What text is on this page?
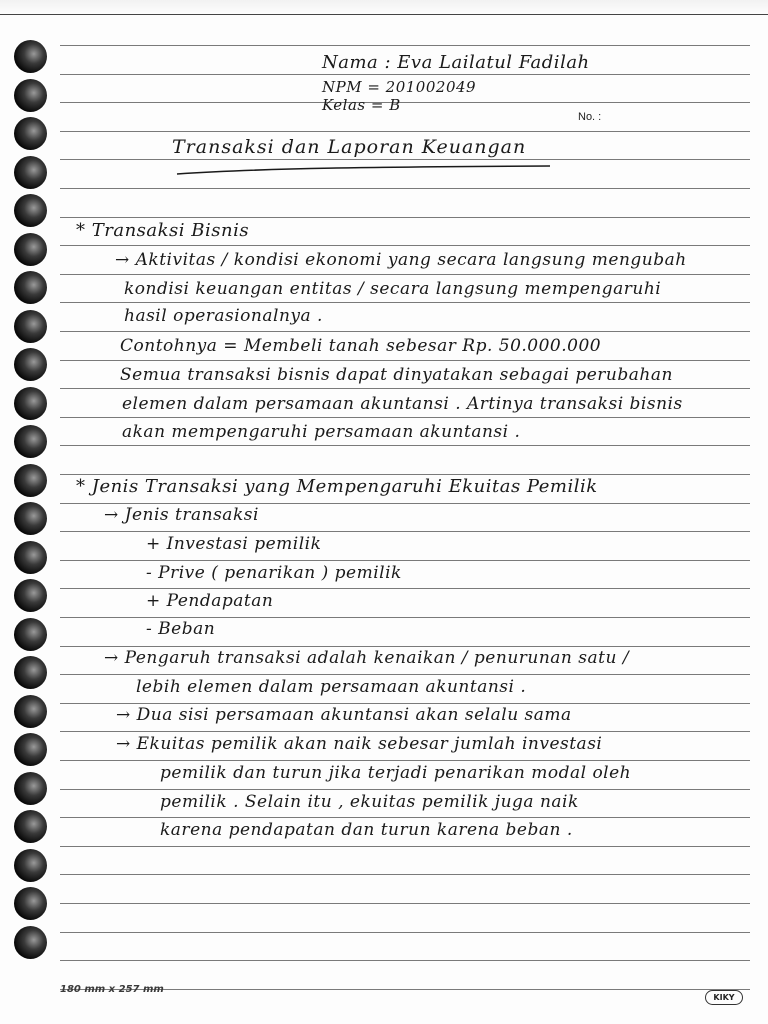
Nama : Eva Lailatul Fadilah
NPM = 201002049
Kelas = B
No. :
Transaksi dan Laporan Keuangan
* Transaksi Bisnis
→ Aktivitas / kondisi ekonomi yang secara langsung mengubah
kondisi keuangan entitas / secara langsung mempengaruhi
hasil operasionalnya .
Contohnya = Membeli tanah sebesar Rp. 50.000.000
Semua transaksi bisnis dapat dinyatakan sebagai perubahan
elemen dalam persamaan akuntansi . Artinya transaksi bisnis
akan mempengaruhi persamaan akuntansi .
* Jenis Transaksi yang Mempengaruhi Ekuitas Pemilik
→ Jenis transaksi
+ Investasi pemilik
- Prive ( penarikan ) pemilik
+ Pendapatan
- Beban
→ Pengaruh transaksi adalah kenaikan / penurunan satu /
lebih elemen dalam persamaan akuntansi .
→ Dua sisi persamaan akuntansi akan selalu sama
→ Ekuitas pemilik akan naik sebesar jumlah investasi
pemilik dan turun jika terjadi penarikan modal oleh
pemilik . Selain itu , ekuitas pemilik juga naik
karena pendapatan dan turun karena beban .
180 mm x 257 mm
KIKY
